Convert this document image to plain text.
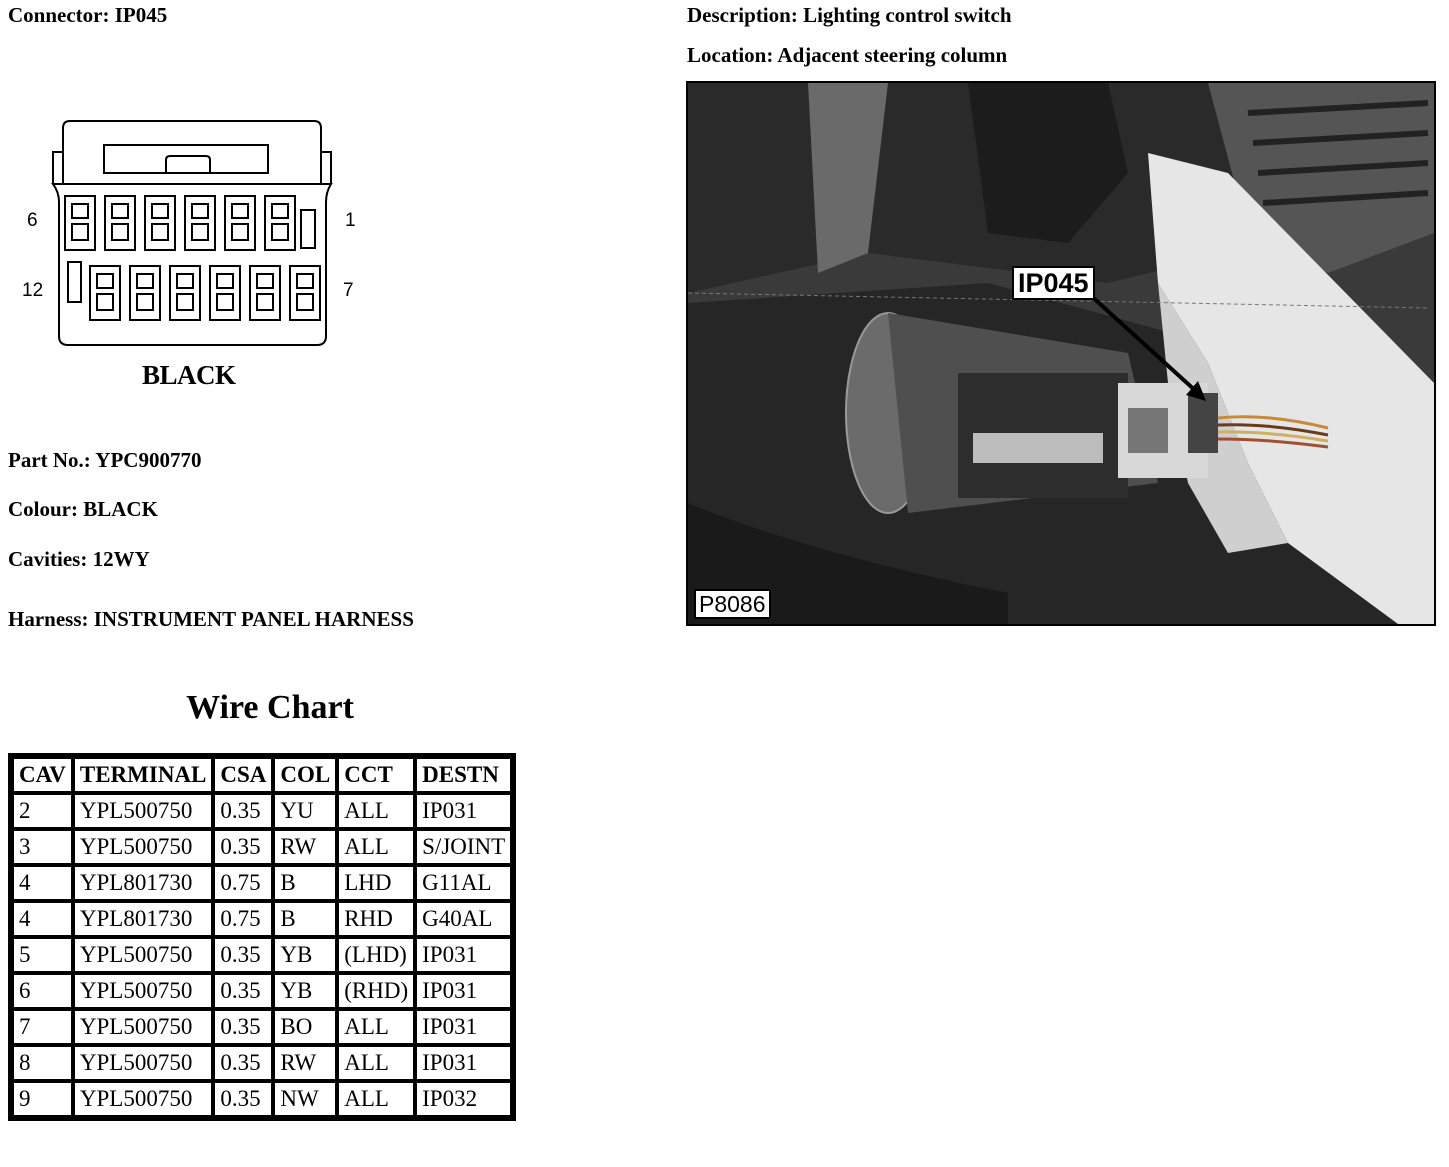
Connector: IP045	Description: Lighting control switch
Location: Adjacent steering column
6	1
12	7
BLACK
Part No.: YPC900770
Colour: BLACK
Cavities: 12WY
Harness: INSTRUMENT PANEL HARNESS
IP045
P8086
Wire Chart
CAV	TERMINAL	CSA	COL	CCT	DESTN
2	YPL500750	0.35	YU	ALL	IP031
3	YPL500750	0.35	RW	ALL	S/JOINT
4	YPL801730	0.75	B	LHD	G11AL
4	YPL801730	0.75	B	RHD	G40AL
5	YPL500750	0.35	YB	(LHD)	IP031
6	YPL500750	0.35	YB	(RHD)	IP031
7	YPL500750	0.35	BO	ALL	IP031
8	YPL500750	0.35	RW	ALL	IP031
9	YPL500750	0.35	NW	ALL	IP032
